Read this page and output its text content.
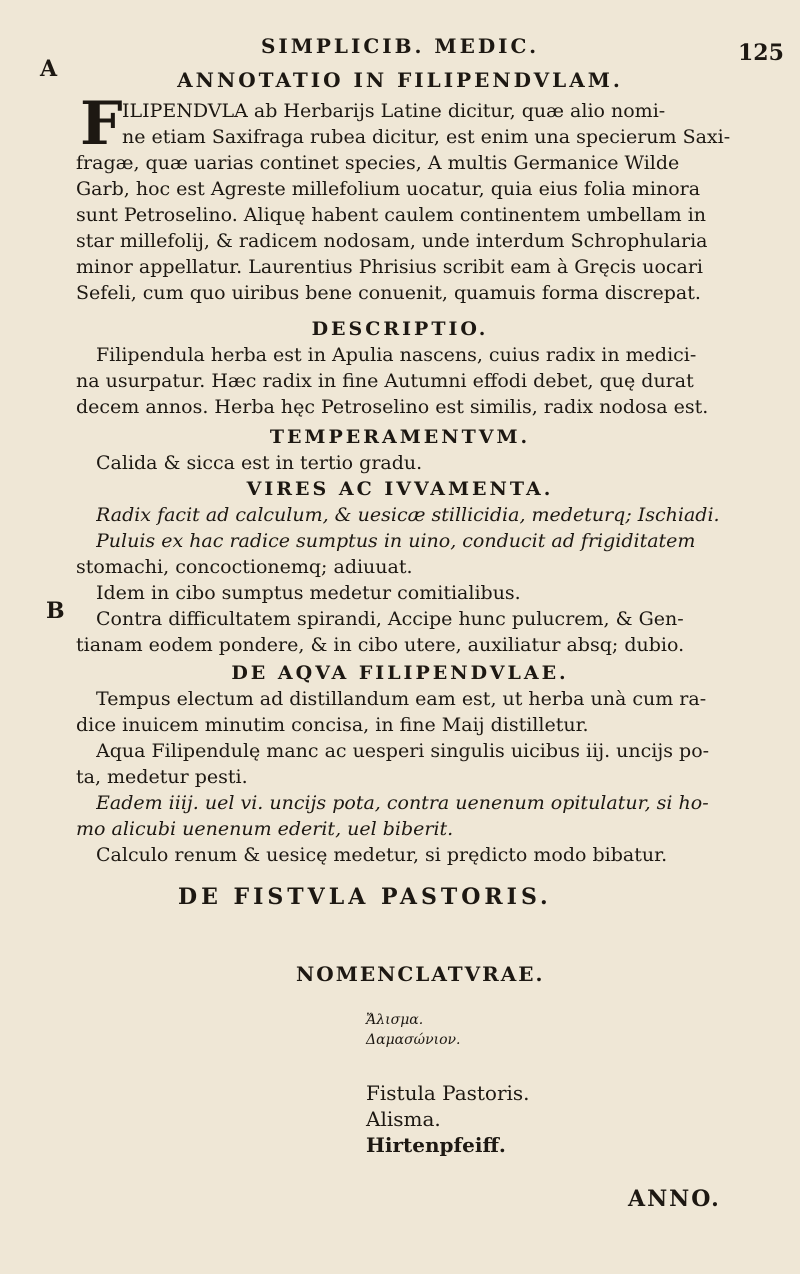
SIMPLICIB. MEDIC.	125
A
B
ANNOTATIO IN FILIPENDVLAM.
F ILIPENDVLA ab Herbarijs Latine dicitur, quæ alio nomi-
ne etiam Saxifraga rubea dicitur, est enim una specierum Saxi-
fragæ, quæ uarias continet species, A multis Germanice Wilde
Garb, hoc est Agreste millefolium uocatur, quia eius folia minora
sunt Petroselino. Aliquę habent caulem continentem umbellam in
star millefolij, & radicem nodosam, unde interdum Schrophularia
minor appellatur. Laurentius Phrisius scribit eam à Gręcis uocari
Sefeli, cum quo uiribus bene conuenit, quamuis forma discrepat.
DESCRIPTIO.
Filipendula herba est in Apulia nascens, cuius radix in medici-
na usurpatur. Hæc radix in fine Autumni effodi debet, quę durat
decem annos. Herba hęc Petroselino est similis, radix nodosa est.
TEMPERAMENTVM.
Calida & sicca est in tertio gradu.
VIRES AC IVVAMENTA.
Radix facit ad calculum, & uesicæ stillicidia, medeturq; Ischiadi.
Puluis ex hac radice sumptus in uino, conducit ad frigiditatem
stomachi, concoctionemq; adiuuat.
Idem in cibo sumptus medetur comitialibus.
Contra difficultatem spirandi, Accipe hunc pulucrem, & Gen-
tianam eodem pondere, & in cibo utere, auxiliatur absq; dubio.
DE AQVA FILIPENDVLAE.
Tempus electum ad distillandum eam est, ut herba unà cum ra-
dice inuicem minutim concisa, in fine Maij distilletur.
Aqua Filipendulę manc ac uesperi singulis uicibus iij. uncijs po-
ta, medetur pesti.
Eadem iiij. uel vi. uncijs pota, contra uenenum opitulatur, si ho-
mo alicubi uenenum ederit, uel biberit.
Calculo renum & uesicę medetur, si prędicto modo bibatur.
DE FISTVLA PASTORIS.
NOMENCLATVRAE.
Ἄλισμα.
Δαμασώνιον.
Fistula Pastoris.
Alisma.
Hirtenpfeiff.
ANNO.
